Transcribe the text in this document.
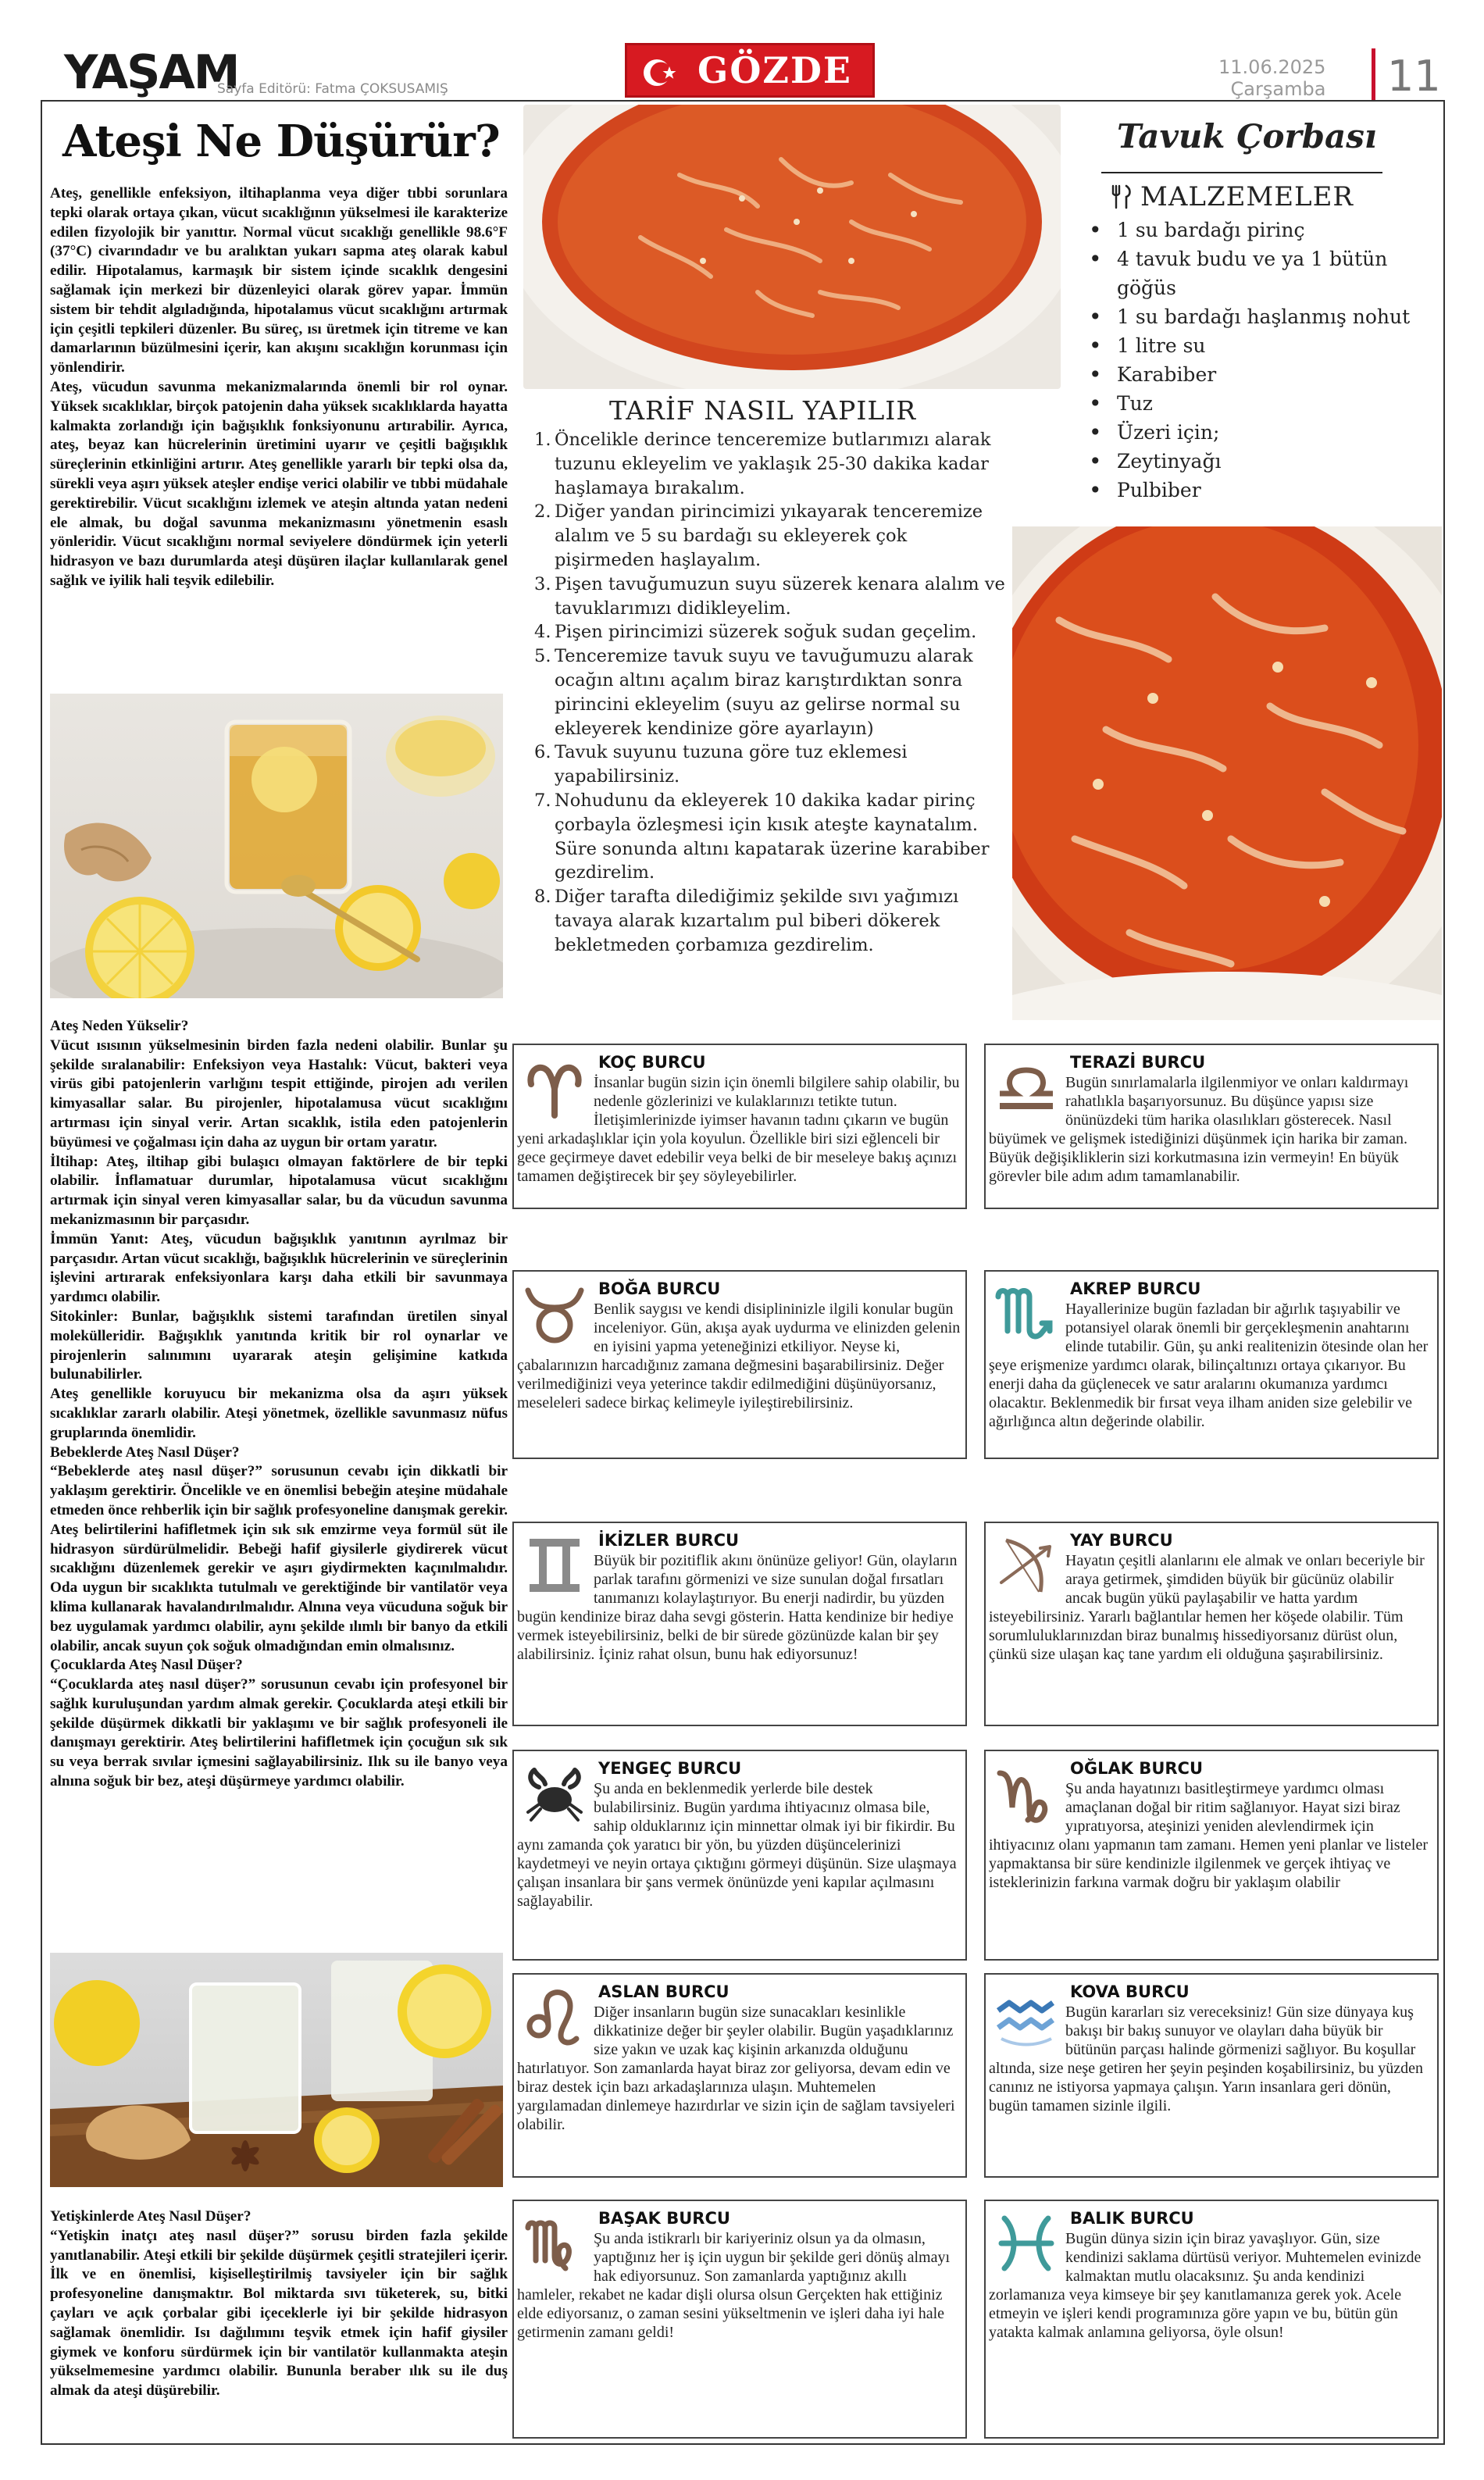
YAŞAM
Sayfa Editörü: Fatma ÇOKSUSAMIŞ	GÖZDE	11.06.2025
Çarşamba 11
Ateşi Ne Düşürür?

Ateş, genellikle enfeksiyon, iltihaplanma veya diğer tıbbi sorunlara tepki olarak ortaya çıkan, vücut sıcaklığının yükselmesi ile karakterize edilen fizyolojik bir yanıttır. Normal vücut sıcaklığı genellikle 98.6°F (37°C) civarındadır ve bu aralıktan yukarı sapma ateş olarak kabul edilir. Hipotalamus, karmaşık bir sistem içinde sıcaklık dengesini sağlamak için merkezi bir düzenleyici olarak görev yapar. İmmün sistem bir tehdit algıladığında, hipotalamus vücut sıcaklığını artırmak için çeşitli tepkileri düzenler. Bu süreç, ısı üretmek için titreme ve kan damarlarının büzülmesini içerir, kan akışını sıcaklığın korunması için yönlendirir.

Ateş, vücudun savunma mekanizmalarında önemli bir rol oynar. Yüksek sıcaklıklar, birçok patojenin daha yüksek sıcaklıklarda hayatta kalmakta zorlandığı için bağışıklık fonksiyonunu artırabilir. Ayrıca, ateş, beyaz kan hücrelerinin üretimini uyarır ve çeşitli bağışıklık süreçlerinin etkinliğini artırır. Ateş genellikle yararlı bir tepki olsa da, sürekli veya aşırı yüksek ateşler endişe verici olabilir ve tıbbi müdahale gerektirebilir. Vücut sıcaklığını izlemek ve ateşin altında yatan nedeni ele almak, bu doğal savunma mekanizmasını yönetmenin esaslı yönleridir. Vücut sıcaklığını normal seviyelere döndürmek için yeterli hidrasyon ve bazı durumlarda ateşi düşüren ilaçlar kullanılarak genel sağlık ve iyilik hali teşvik edilebilir.

Ateş Neden Yükselir?

Vücut ısısının yükselmesinin birden fazla nedeni olabilir. Bunlar şu şekilde sıralanabilir: Enfeksiyon veya Hastalık: Vücut, bakteri veya virüs gibi patojenlerin varlığını tespit ettiğinde, pirojen adı verilen kimyasallar salar. Bu pirojenler, hipotalamusa vücut sıcaklığını artırması için sinyal verir. Artan sıcaklık, istila eden patojenlerin büyümesi ve çoğalması için daha az uygun bir ortam yaratır.

İltihap: Ateş, iltihap gibi bulaşıcı olmayan faktörlere de bir tepki olabilir. İnflamatuar durumlar, hipotalamusa vücut sıcaklığını artırmak için sinyal veren kimyasallar salar, bu da vücudun savunma mekanizmasının bir parçasıdır.

İmmün Yanıt: Ateş, vücudun bağışıklık yanıtının ayrılmaz bir parçasıdır. Artan vücut sıcaklığı, bağışıklık hücrelerinin ve süreçlerinin işlevini artırarak enfeksiyonlara karşı daha etkili bir savunmaya yardımcı olabilir.

Sitokinler: Bunlar, bağışıklık sistemi tarafından üretilen sinyal molekülleridir. Bağışıklık yanıtında kritik bir rol oynarlar ve pirojenlerin salınımını uyararak ateşin gelişimine katkıda bulunabilirler.

Ateş genellikle koruyucu bir mekanizma olsa da aşırı yüksek sıcaklıklar zararlı olabilir. Ateşi yönetmek, özellikle savunmasız nüfus gruplarında önemlidir.

Bebeklerde Ateş Nasıl Düşer?

“Bebeklerde ateş nasıl düşer?” sorusunun cevabı için dikkatli bir yaklaşım gerektirir. Öncelikle ve en önemlisi bebeğin ateşine müdahale etmeden önce rehberlik için bir sağlık profesyoneline danışmak gerekir. Ateş belirtilerini hafifletmek için sık sık emzirme veya formül süt ile hidrasyon sürdürülmelidir. Bebeği hafif giysilerle giydirerek vücut sıcaklığını düzenlemek gerekir ve aşırı giydirmekten kaçınılmalıdır. Oda uygun bir sıcaklıkta tutulmalı ve gerektiğinde bir vantilatör veya klima kullanarak havalandırılmalıdır. Alnına veya vücuduna soğuk bir bez uygulamak yardımcı olabilir, aynı şekilde ılımlı bir banyo da etkili olabilir, ancak suyun çok soğuk olmadığından emin olmalısınız.

Çocuklarda Ateş Nasıl Düşer?

“Çocuklarda ateş nasıl düşer?” sorusunun cevabı için profesyonel bir sağlık kuruluşundan yardım almak gerekir. Çocuklarda ateşi etkili bir şekilde düşürmek dikkatli bir yaklaşımı ve bir sağlık profesyoneli ile danışmayı gerektirir. Ateş belirtilerini hafifletmek için çocuğun sık sık su veya berrak sıvılar içmesini sağlayabilirsiniz. Ilık su ile banyo veya alnına soğuk bir bez, ateşi düşürmeye yardımcı olabilir.

Yetişkinlerde Ateş Nasıl Düşer?

“Yetişkin inatçı ateş nasıl düşer?” sorusu birden fazla şekilde yanıtlanabilir. Ateşi etkili bir şekilde düşürmek çeşitli stratejileri içerir. İlk ve en önemlisi, kişiselleştirilmiş tavsiyeler için bir sağlık profesyoneline danışmaktır. Bol miktarda sıvı tüketerek, su, bitki çayları ve açık çorbalar gibi içeceklerle iyi bir şekilde hidrasyon sağlamak önemlidir. Isı dağılımını teşvik etmek için hafif giysiler giymek ve konforu sürdürmek için bir vantilatör kullanmakta ateşin yükselmemesine yardımcı olabilir. Bununla beraber ılık su ile duş almak da ateşi düşürebilir.

Tavuk Çorbası
MALZEMELER
• 1 su bardağı pirinç
• 4 tavuk budu ve ya 1 bütün göğüs
• 1 su bardağı haşlanmış nohut
• 1 litre su
• Karabiber
• Tuz
• Üzeri için;
• Zeytinyağı
• Pulbiber
TARİF NASIL YAPILIR
1. Öncelikle derince tenceremize butlarımızı alarak tuzunu ekleyelim ve yaklaşık 25-30 dakika kadar haşlamaya bırakalım.
2. Diğer yandan pirincimizi yıkayarak tenceremize alalım ve 5 su bardağı su ekleyerek çok pişirmeden haşlayalım.
3. Pişen tavuğumuzun suyu süzerek kenara alalım ve tavuklarımızı didikleyelim.
4. Pişen pirincimizi süzerek soğuk sudan geçelim.
5. Tenceremize tavuk suyu ve tavuğumuzu alarak ocağın altını açalım biraz karıştırdıktan sonra pirincini ekleyelim (suyu az gelirse normal su ekleyerek kendinize göre ayarlayın)
6. Tavuk suyunu tuzuna göre tuz eklemesi yapabilirsiniz.
7. Nohudunu da ekleyerek 10 dakika kadar pirinç çorbayla özleşmesi için kısık ateşte kaynatalım. Süre sonunda altını kapatarak üzerine karabiber gezdirelim.
8. Diğer tarafta dilediğimiz şekilde sıvı yağımızı tavaya alarak kızartalım pul biberi dökerek bekletmeden çorbamıza gezdirelim.
KOÇ BURCU
İnsanlar bugün sizin için önemli bilgilere sahip olabilir, bu nedenle gözlerinizi ve kulaklarınızı tetikte tutun. İletişimlerinizde iyimser havanın tadını çıkarın ve bugün yeni arkadaşlıklar için yola koyulun. Özellikle biri sizi eğlenceli bir gece geçirmeye davet edebilir veya belki de bir meseleye bakış açınızı tamamen değiştirecek bir şey söyleyebilirler.
TERAZİ BURCU
Bugün sınırlamalarla ilgilenmiyor ve onları kaldırmayı rahatlıkla başarıyorsunuz. Bu düşünce yapısı size önünüzdeki tüm harika olasılıkları gösterecek. Nasıl büyümek ve gelişmek istediğinizi düşünmek için harika bir zaman. Büyük değişikliklerin sizi korkutmasına izin vermeyin! En büyük görevler bile adım adım tamamlanabilir.
BOĞA BURCU
Benlik saygısı ve kendi disiplininizle ilgili konular bugün inceleniyor. Gün, akışa ayak uydurma ve elinizden gelenin en iyisini yapma yeteneğinizi etkiliyor. Neyse ki, çabalarınızın harcadığınız zamana değmesini başarabilirsiniz. Değer verilmediğinizi veya yeterince takdir edilmediğini düşünüyorsanız, meseleleri sadece birkaç kelimeyle iyileştirebilirsiniz.
AKREP BURCU
Hayallerinize bugün fazladan bir ağırlık taşıyabilir ve potansiyel olarak önemli bir gerçekleşmenin anahtarını elinde tutabilir. Gün, şu anki realitenizin ötesinde olan her şeye erişmenize yardımcı olarak, bilinçaltınızı ortaya çıkarıyor. Bu enerji daha da güçlenecek ve satır aralarını okumanıza yardımcı olacaktır. Beklenmedik bir fırsat veya ilham aniden size gelebilir ve ağırlığınca altın değerinde olabilir.
İKİZLER BURCU
Büyük bir pozitiflik akını önünüze geliyor! Gün, olayların parlak tarafını görmenizi ve size sunulan doğal fırsatları tanımanızı kolaylaştırıyor. Bu enerji nadirdir, bu yüzden bugün kendinize biraz daha sevgi gösterin. Hatta kendinize bir hediye vermek isteyebilirsiniz, belki de bir sürede gözünüzde kalan bir şey alabilirsiniz. İçiniz rahat olsun, bunu hak ediyorsunuz!
YAY BURCU
Hayatın çeşitli alanlarını ele almak ve onları beceriyle bir araya getirmek, şimdiden büyük bir gücünüz olabilir ancak bugün yükü paylaşabilir ve hatta yardım isteyebilirsiniz. Yararlı bağlantılar hemen her köşede olabilir. Tüm sorumluluklarınızdan biraz bunalmış hissediyorsanız dürüst olun, çünkü size ulaşan kaç tane yardım eli olduğuna şaşırabilirsiniz.
YENGEÇ BURCU
Şu anda en beklenmedik yerlerde bile destek bulabilirsiniz. Bugün yardıma ihtiyacınız olmasa bile, sahip olduklarınız için minnettar olmak iyi bir fikirdir. Bu aynı zamanda çok yaratıcı bir yön, bu yüzden düşüncelerinizi kaydetmeyi ve neyin ortaya çıktığını görmeyi düşünün. Size ulaşmaya çalışan insanlara bir şans vermek önünüzde yeni kapılar açılmasını sağlayabilir.
OĞLAK BURCU
Şu anda hayatınızı basitleştirmeye yardımcı olması amaçlanan doğal bir ritim sağlanıyor. Hayat sizi biraz yıpratıyorsa, ateşinizi yeniden alevlendirmek için ihtiyacınız olanı yapmanın tam zamanı. Hemen yeni planlar ve listeler yapmaktansa bir süre kendinizle ilgilenmek ve gerçek ihtiyaç ve isteklerinizin farkına varmak doğru bir yaklaşım olabilir
ASLAN BURCU
Diğer insanların bugün size sunacakları kesinlikle dikkatinize değer bir şeyler olabilir. Bugün yaşadıklarınız size yakın ve uzak kaç kişinin arkanızda olduğunu hatırlatıyor. Son zamanlarda hayat biraz zor geliyorsa, devam edin ve biraz destek için bazı arkadaşlarınıza ulaşın. Muhtemelen yargılamadan dinlemeye hazırdırlar ve sizin için de sağlam tavsiyeleri olabilir.
KOVA BURCU
Bugün kararları siz vereceksiniz! Gün size dünyaya kuş bakışı bir bakış sunuyor ve olayları daha büyük bir bütünün parçası halinde görmenizi sağlıyor. Bu koşullar altında, size neşe getiren her şeyin peşinden koşabilirsiniz, bu yüzden canınız ne istiyorsa yapmaya çalışın. Yarın insanlara geri dönün, bugün tamamen sizinle ilgili.
BAŞAK BURCU
Şu anda istikrarlı bir kariyeriniz olsun ya da olmasın, yaptığınız her iş için uygun bir şekilde geri dönüş almayı hak ediyorsunuz. Son zamanlarda yaptığınız akıllı hamleler, rekabet ne kadar dişli olursa olsun Gerçekten hak ettiğiniz elde ediyorsanız, o zaman sesini yükseltmenin ve işleri daha iyi hale getirmenin zamanı geldi!
BALIK BURCU
Bugün dünya sizin için biraz yavaşlıyor. Gün, size kendinizi saklama dürtüsü veriyor. Muhtemelen evinizde kalmaktan mutlu olacaksınız. Şu anda kendinizi zorlamanıza veya kimseye bir şey kanıtlamanıza gerek yok. Acele etmeyin ve işleri kendi programınıza göre yapın ve bu, bütün gün yatakta kalmak anlamına geliyorsa, öyle olsun!
